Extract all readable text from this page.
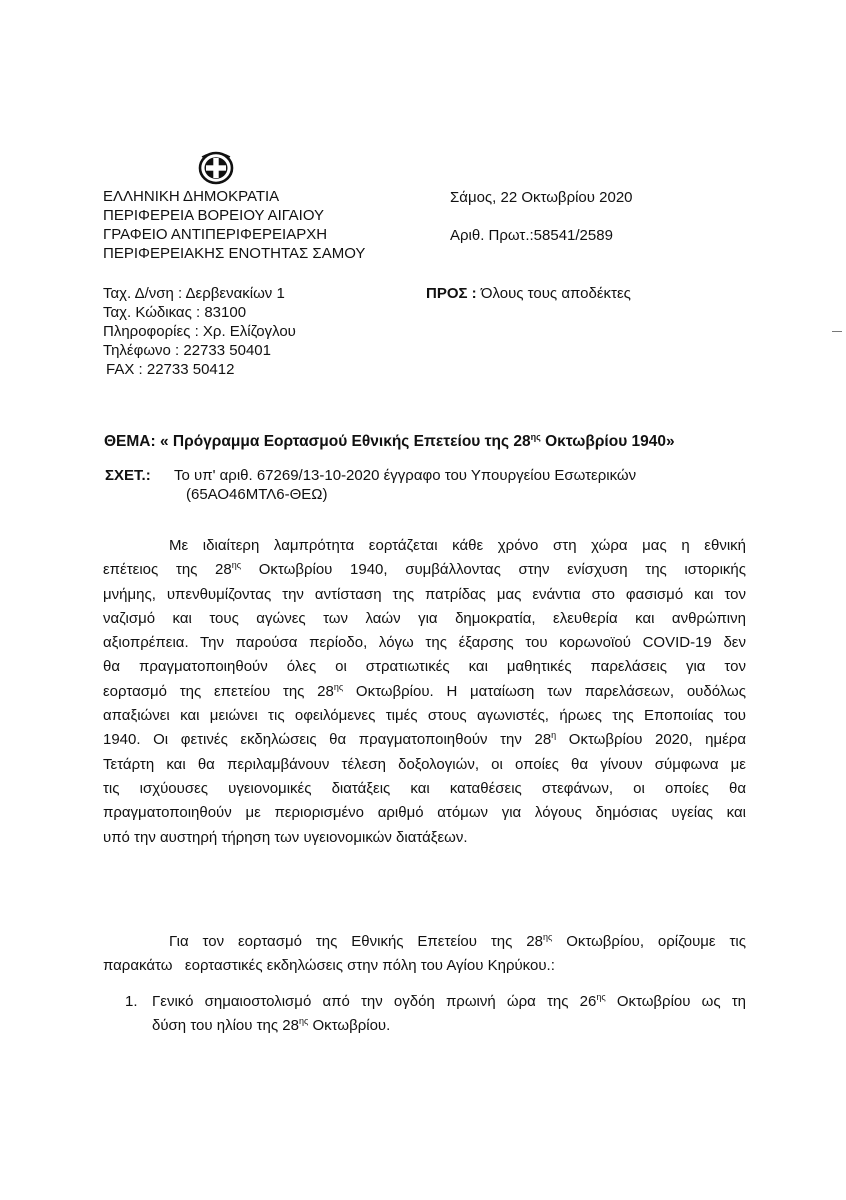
ΕΛΛΗΝΙΚΗ ΔΗΜΟΚΡΑΤΙΑ
ΠΕΡΙΦΕΡΕΙΑ ΒΟΡΕΙΟΥ ΑΙΓΑΙΟΥ
ΓΡΑΦΕΙΟ ΑΝΤΙΠΕΡΙΦΕΡΕΙΑΡΧΗ
ΠΕΡΙΦΕΡΕΙΑΚΗΣ ΕΝΟΤΗΤΑΣ ΣΑΜΟΥ
Σάμος, 22 Οκτωβρίου 2020
Αριθ. Πρωτ.:58541/2589
Ταχ. Δ/νση : Δερβενακίων 1
Ταχ. Κώδικας : 83100
Πληροφορίες : Χρ. Ελίζογλου
Τηλέφωνο : 22733 50401
FAX : 22733 50412
ΠΡΟΣ : Όλους τους αποδέκτες
ΘΕΜΑ: « Πρόγραμμα Εορτασμού Εθνικής Επετείου της $28^{\eta\varsigma}$ Οκτωβρίου 1940»
ΣΧΕΤ.: Το υπ' αριθ. 67269/13-10-2020 έγγραφο του Υπουργείου Εσωτερικών
(65ΑΟ46ΜΤΛ6-ΘΕΩ)
Με ιδιαίτερη λαμπρότητα εορτάζεται κάθε χρόνο στη χώρα μας η εθνική
επέτειος της $28^{\eta\varsigma}$ Οκτωβρίου 1940, συμβάλλοντας στην ενίσχυση της ιστορικής
μνήμης, υπενθυμίζοντας την αντίσταση της πατρίδας μας ενάντια στο φασισμό και τον
ναζισμό και τους αγώνες των λαών για δημοκρατία, ελευθερία και ανθρώπινη
αξιοπρέπεια. Την παρούσα περίοδο, λόγω της έξαρσης του κορωνοϊού COVID-19 δεν
θα πραγματοποιηθούν όλες οι στρατιωτικές και μαθητικές παρελάσεις για τον
εορτασμό της επετείου της $28^{\eta\varsigma}$ Οκτωβρίου. Η ματαίωση των παρελάσεων, ουδόλως
απαξιώνει και μειώνει τις οφειλόμενες τιμές στους αγωνιστές, ήρωες της Εποποιίας του
1940. Οι φετινές εκδηλώσεις θα πραγματοποιηθούν την $28^\eta$ Οκτωβρίου 2020, ημέρα
Τετάρτη και θα περιλαμβάνουν τέλεση δοξολογιών, οι οποίες θα γίνουν σύμφωνα με
τις ισχύουσες υγειονομικές διατάξεις και καταθέσεις στεφάνων, οι οποίες θα
πραγματοποιηθούν με περιορισμένο αριθμό ατόμων για λόγους δημόσιας υγείας και
υπό την αυστηρή τήρηση των υγειονομικών διατάξεων.
Για τον εορτασμό της Εθνικής Επετείου της $28^{\eta\varsigma}$ Οκτωβρίου, ορίζουμε τις
παρακάτω   εορταστικές εκδηλώσεις στην πόλη του Αγίου Κηρύκου.:
1. Γενικό σημαιοστολισμό από την ογδόη πρωινή ώρα της $26^{\eta\varsigma}$ Οκτωβρίου ως τη
δύση του ηλίου της $28^{\eta\varsigma}$ Οκτωβρίου.
